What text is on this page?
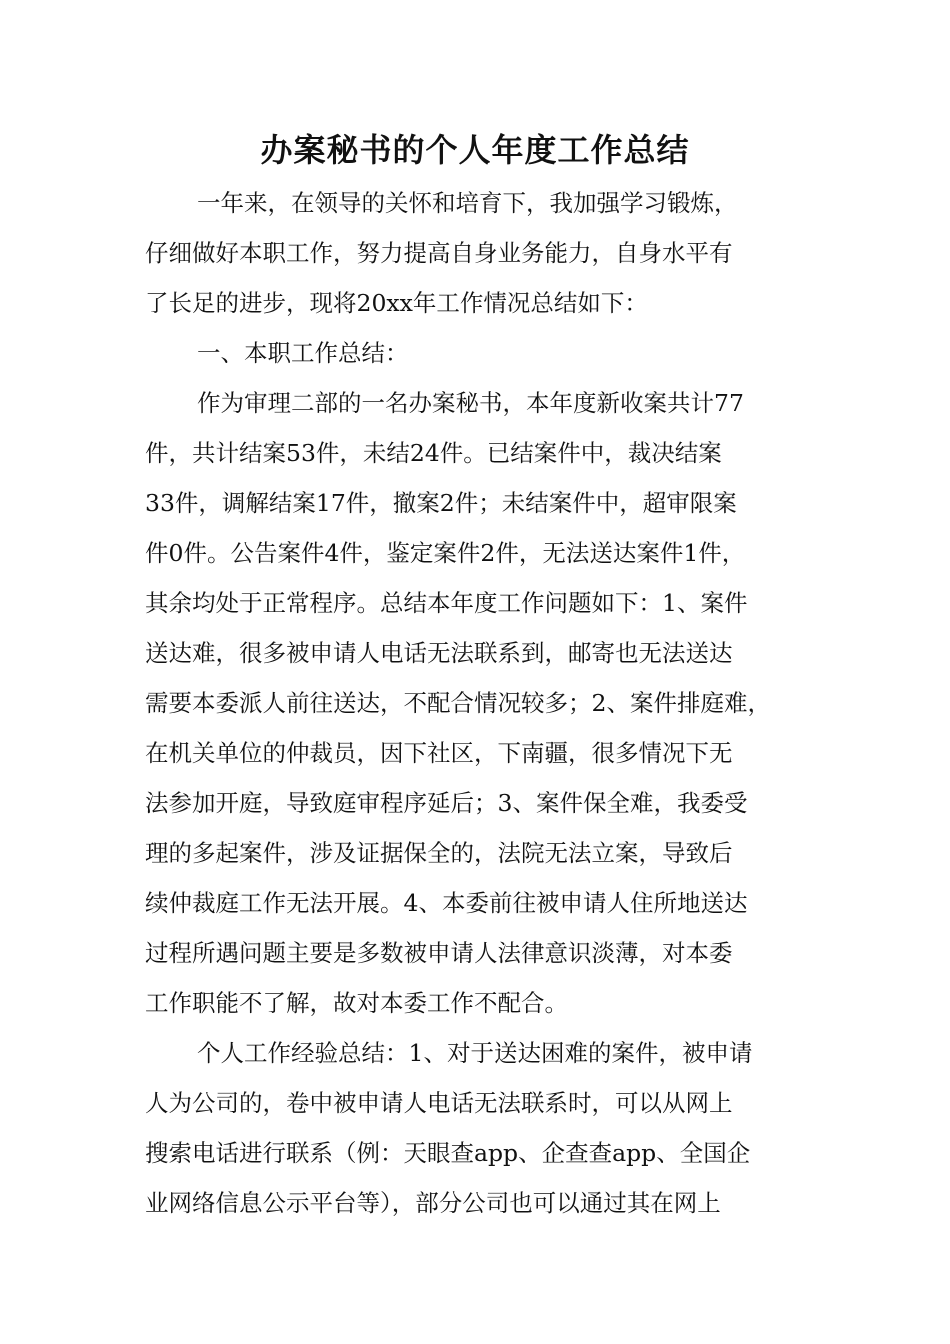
办案秘书的个人年度工作总结
一年来，在领导的关怀和培育下，我加强学习锻炼，
仔细做好本职工作，努力提高自身业务能力，自身水平有
了长足的进步，现将20xx年工作情况总结如下：
一、本职工作总结：
作为审理二部的一名办案秘书，本年度新收案共计77
件，共计结案53件，未结24件。已结案件中，裁决结案
33件，调解结案17件，撤案2件；未结案件中，超审限案
件0件。公告案件4件，鉴定案件2件，无法送达案件1件，
其余均处于正常程序。总结本年度工作问题如下：1、案件
送达难，很多被申请人电话无法联系到，邮寄也无法送达
需要本委派人前往送达，不配合情况较多；2、案件排庭难，
在机关单位的仲裁员，因下社区，下南疆，很多情况下无
法参加开庭，导致庭审程序延后；3、案件保全难，我委受
理的多起案件，涉及证据保全的，法院无法立案，导致后
续仲裁庭工作无法开展。4、本委前往被申请人住所地送达
过程所遇问题主要是多数被申请人法律意识淡薄，对本委
工作职能不了解，故对本委工作不配合。
个人工作经验总结：1、对于送达困难的案件，被申请
人为公司的，卷中被申请人电话无法联系时，可以从网上
搜索电话进行联系（例：天眼查app、企查查app、全国企
业网络信息公示平台等），部分公司也可以通过其在网上
